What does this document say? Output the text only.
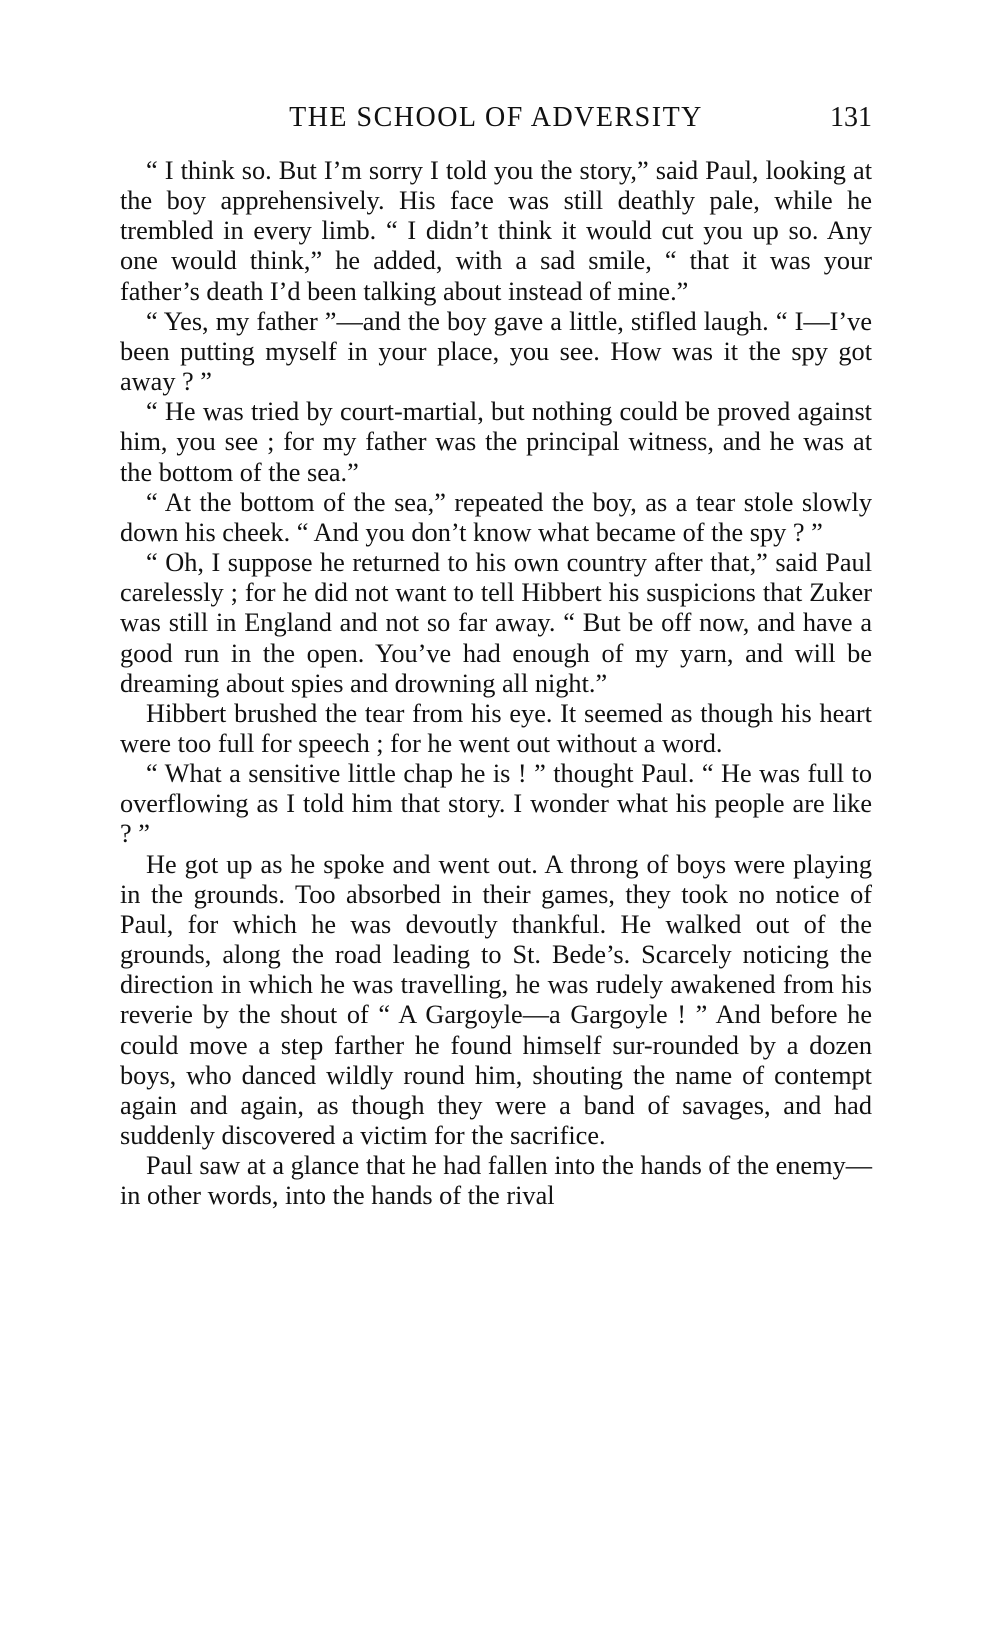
THE SCHOOL OF ADVERSITY	131

“ I think so. But I’m sorry I told you the story,” said Paul, looking at the boy apprehensively. His face was still deathly pale, while he trembled in every limb. “ I didn’t think it would cut you up so. Any one would think,” he added, with a sad smile, “ that it was your father’s death I’d been talking about instead of mine.”

“ Yes, my father ”—and the boy gave a little, stifled laugh. “ I—I’ve been putting myself in your place, you see. How was it the spy got away ? ”

“ He was tried by court-martial, but nothing could be proved against him, you see ; for my father was the principal witness, and he was at the bottom of the sea.”

“ At the bottom of the sea,” repeated the boy, as a tear stole slowly down his cheek. “ And you don’t know what became of the spy ? ”

“ Oh, I suppose he returned to his own country after that,” said Paul carelessly ; for he did not want to tell Hibbert his suspicions that Zuker was still in England and not so far away. “ But be off now, and have a good run in the open. You’ve had enough of my yarn, and will be dreaming about spies and drowning all night.”

Hibbert brushed the tear from his eye. It seemed as though his heart were too full for speech ; for he went out without a word.

“ What a sensitive little chap he is ! ” thought Paul. “ He was full to overflowing as I told him that story. I wonder what his people are like ? ”

He got up as he spoke and went out. A throng of boys were playing in the grounds. Too absorbed in their games, they took no notice of Paul, for which he was devoutly thankful. He walked out of the grounds, along the road leading to St. Bede’s. Scarcely noticing the direction in which he was travelling, he was rudely awakened from his reverie by the shout of “ A Gargoyle—a Gargoyle ! ” And before he could move a step farther he found himself sur-rounded by a dozen boys, who danced wildly round him, shouting the name of contempt again and again, as though they were a band of savages, and had suddenly discovered a victim for the sacrifice.

Paul saw at a glance that he had fallen into the hands of the enemy—in other words, into the hands of the rival
